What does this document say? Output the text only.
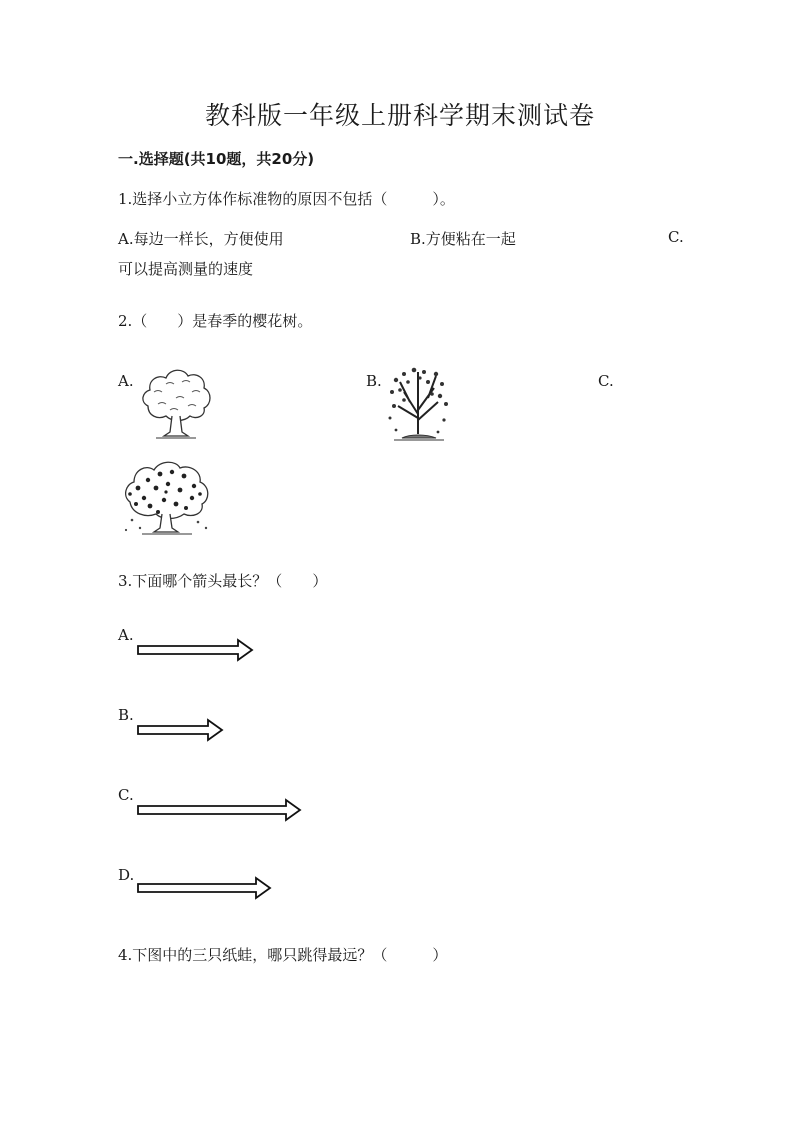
教科版一年级上册科学期末测试卷
一.选择题(共10题，共20分)
1.选择小立方体作标准物的原因不包括（　　　）。
A.每边一样长，方便使用	B.方便粘在一起	C.
可以提高测量的速度
2.（　　）是春季的樱花树。
A.	B.	C.
3.下面哪个箭头最长？（　　）
A.
B.
C.
D.
4.下图中的三只纸蛙，哪只跳得最远？（　　　）
